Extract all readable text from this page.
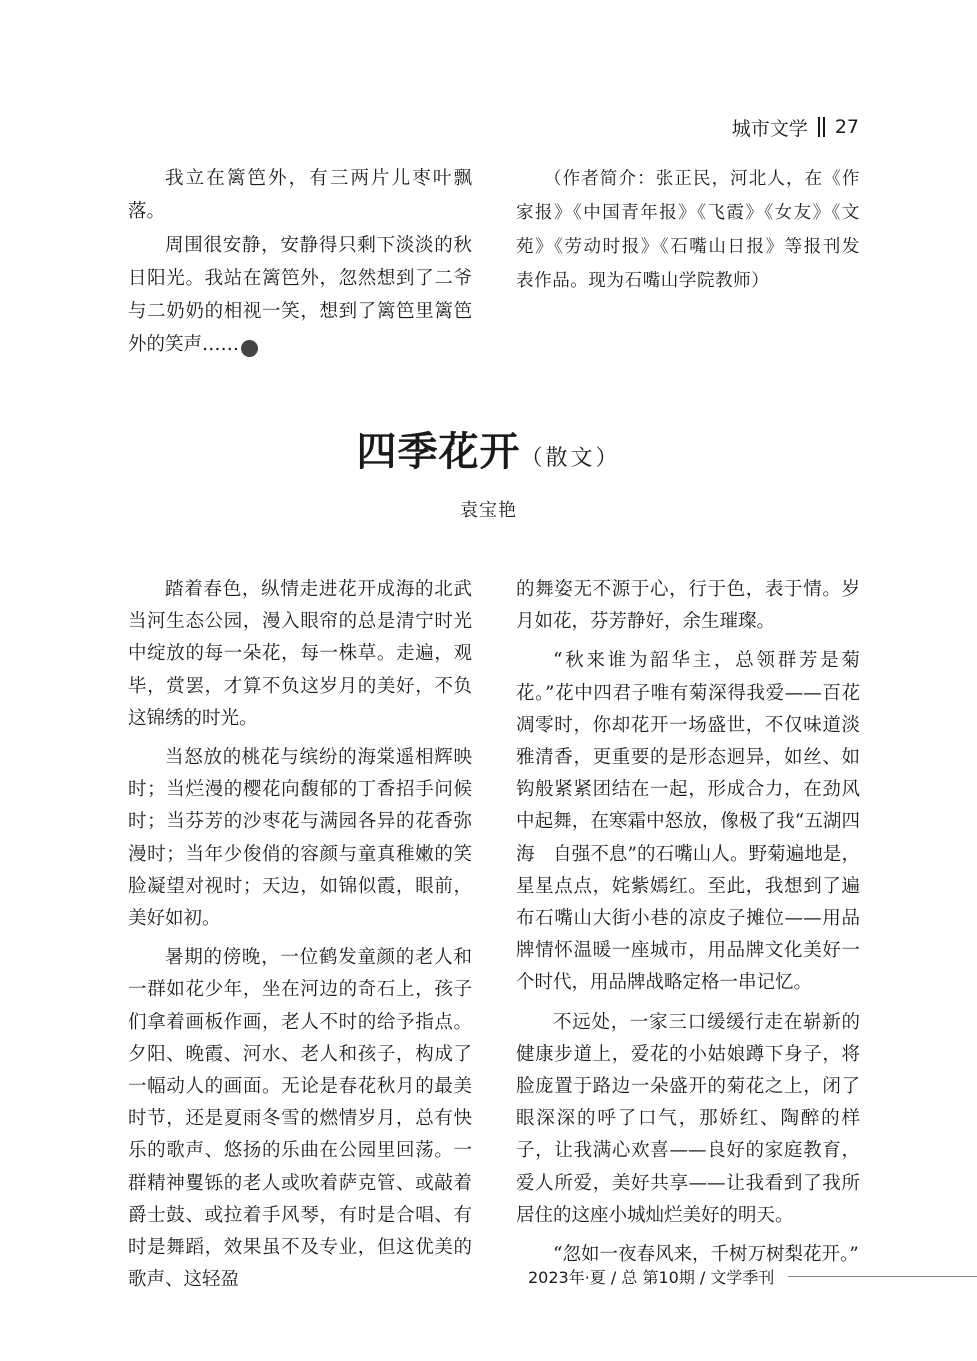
城市文学 27

我立在篱笆外，有三两片儿枣叶飘落。

周围很安静，安静得只剩下淡淡的秋日阳光。我站在篱笆外，忽然想到了二爷与二奶奶的相视一笑，想到了篱笆里篱笆外的笑声……	完

（作者简介：张正民，河北人，在《作家报》《中国青年报》《飞霞》《女友》《文苑》《劳动时报》《石嘴山日报》等报刊发表作品。现为石嘴山学院教师）

四季花开（散文）
袁宝艳

踏着春色，纵情走进花开成海的北武当河生态公园，漫入眼帘的总是清宁时光中绽放的每一朵花，每一株草。走遍，观毕，赏罢，才算不负这岁月的美好，不负这锦绣的时光。

当怒放的桃花与缤纷的海棠遥相辉映时；当烂漫的樱花向馥郁的丁香招手问候时；当芬芳的沙枣花与满园各异的花香弥漫时；当年少俊俏的容颜与童真稚嫩的笑脸凝望对视时；天边，如锦似霞，眼前，美好如初。

暑期的傍晚，一位鹤发童颜的老人和一群如花少年，坐在河边的奇石上，孩子们拿着画板作画，老人不时的给予指点。夕阳、晚霞、河水、老人和孩子，构成了一幅动人的画面。无论是春花秋月的最美时节，还是夏雨冬雪的燃情岁月，总有快乐的歌声、悠扬的乐曲在公园里回荡。一群精神矍铄的老人或吹着萨克管、或敲着爵士鼓、或拉着手风琴，有时是合唱、有时是舞蹈，效果虽不及专业，但这优美的歌声、这轻盈

的舞姿无不源于心，行于色，表于情。岁月如花，芬芳静好，余生璀璨。

“秋来谁为韶华主，总领群芳是菊花。”花中四君子唯有菊深得我爱——百花凋零时，你却花开一场盛世，不仅味道淡雅清香，更重要的是形态迥异，如丝、如钩般紧紧团结在一起，形成合力，在劲风中起舞，在寒霜中怒放，像极了我“五湖四海　自强不息”的石嘴山人。野菊遍地是，星星点点，姹紫嫣红。至此，我想到了遍布石嘴山大街小巷的凉皮子摊位——用品牌情怀温暖一座城市，用品牌文化美好一个时代，用品牌战略定格一串记忆。

不远处，一家三口缓缓行走在崭新的健康步道上，爱花的小姑娘蹲下身子，将脸庞置于路边一朵盛开的菊花之上，闭了眼深深的呼了口气，那娇红、陶醉的样子，让我满心欢喜——良好的家庭教育，爱人所爱，美好共享——让我看到了我所居住的这座小城灿烂美好的明天。

“忽如一夜春风来，千树万树梨花开。”

2023年·夏 / 总 第10期 / 文学季刊
